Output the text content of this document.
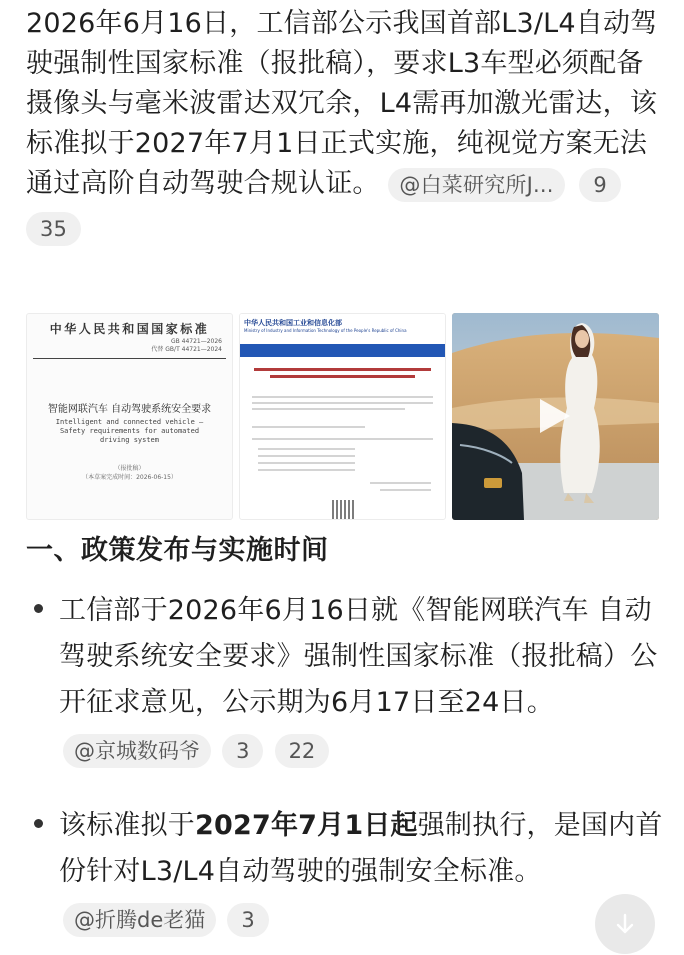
2026年6月16日，工信部公示我国首部L3/L4自动驾驶强制性国家标准（报批稿），要求L3车型必须配备摄像头与毫米波雷达双冗余，L4需再加激光雷达，该标准拟于2027年7月1日正式实施，纯视觉方案无法通过高阶自动驾驶合规认证。 @白菜研究所J... 9
35
中华人民共和国国家标准
GB 44721—2026
代替 GB/T 44721—2024
智能网联汽车 自动驾驶系统安全要求
Intelligent and connected vehicle — Safety requirements for automated driving system
（报批稿）
（本草案完成时间：2026-06-15）
中华人民共和国工业和信息化部
Ministry of Industry and Information Technology of the People's Republic of China
一、政策发布与实施时间
工信部于2026年6月16日就《智能网联汽车 自动驾驶系统安全要求》强制性国家标准（报批稿）公开征求意见，公示期为6月17日至24日。
@京城数码爷 3 22
该标准拟于2027年7月1日起强制执行，是国内首份针对L3/L4自动驾驶的强制安全标准。
@折腾de老猫 3
